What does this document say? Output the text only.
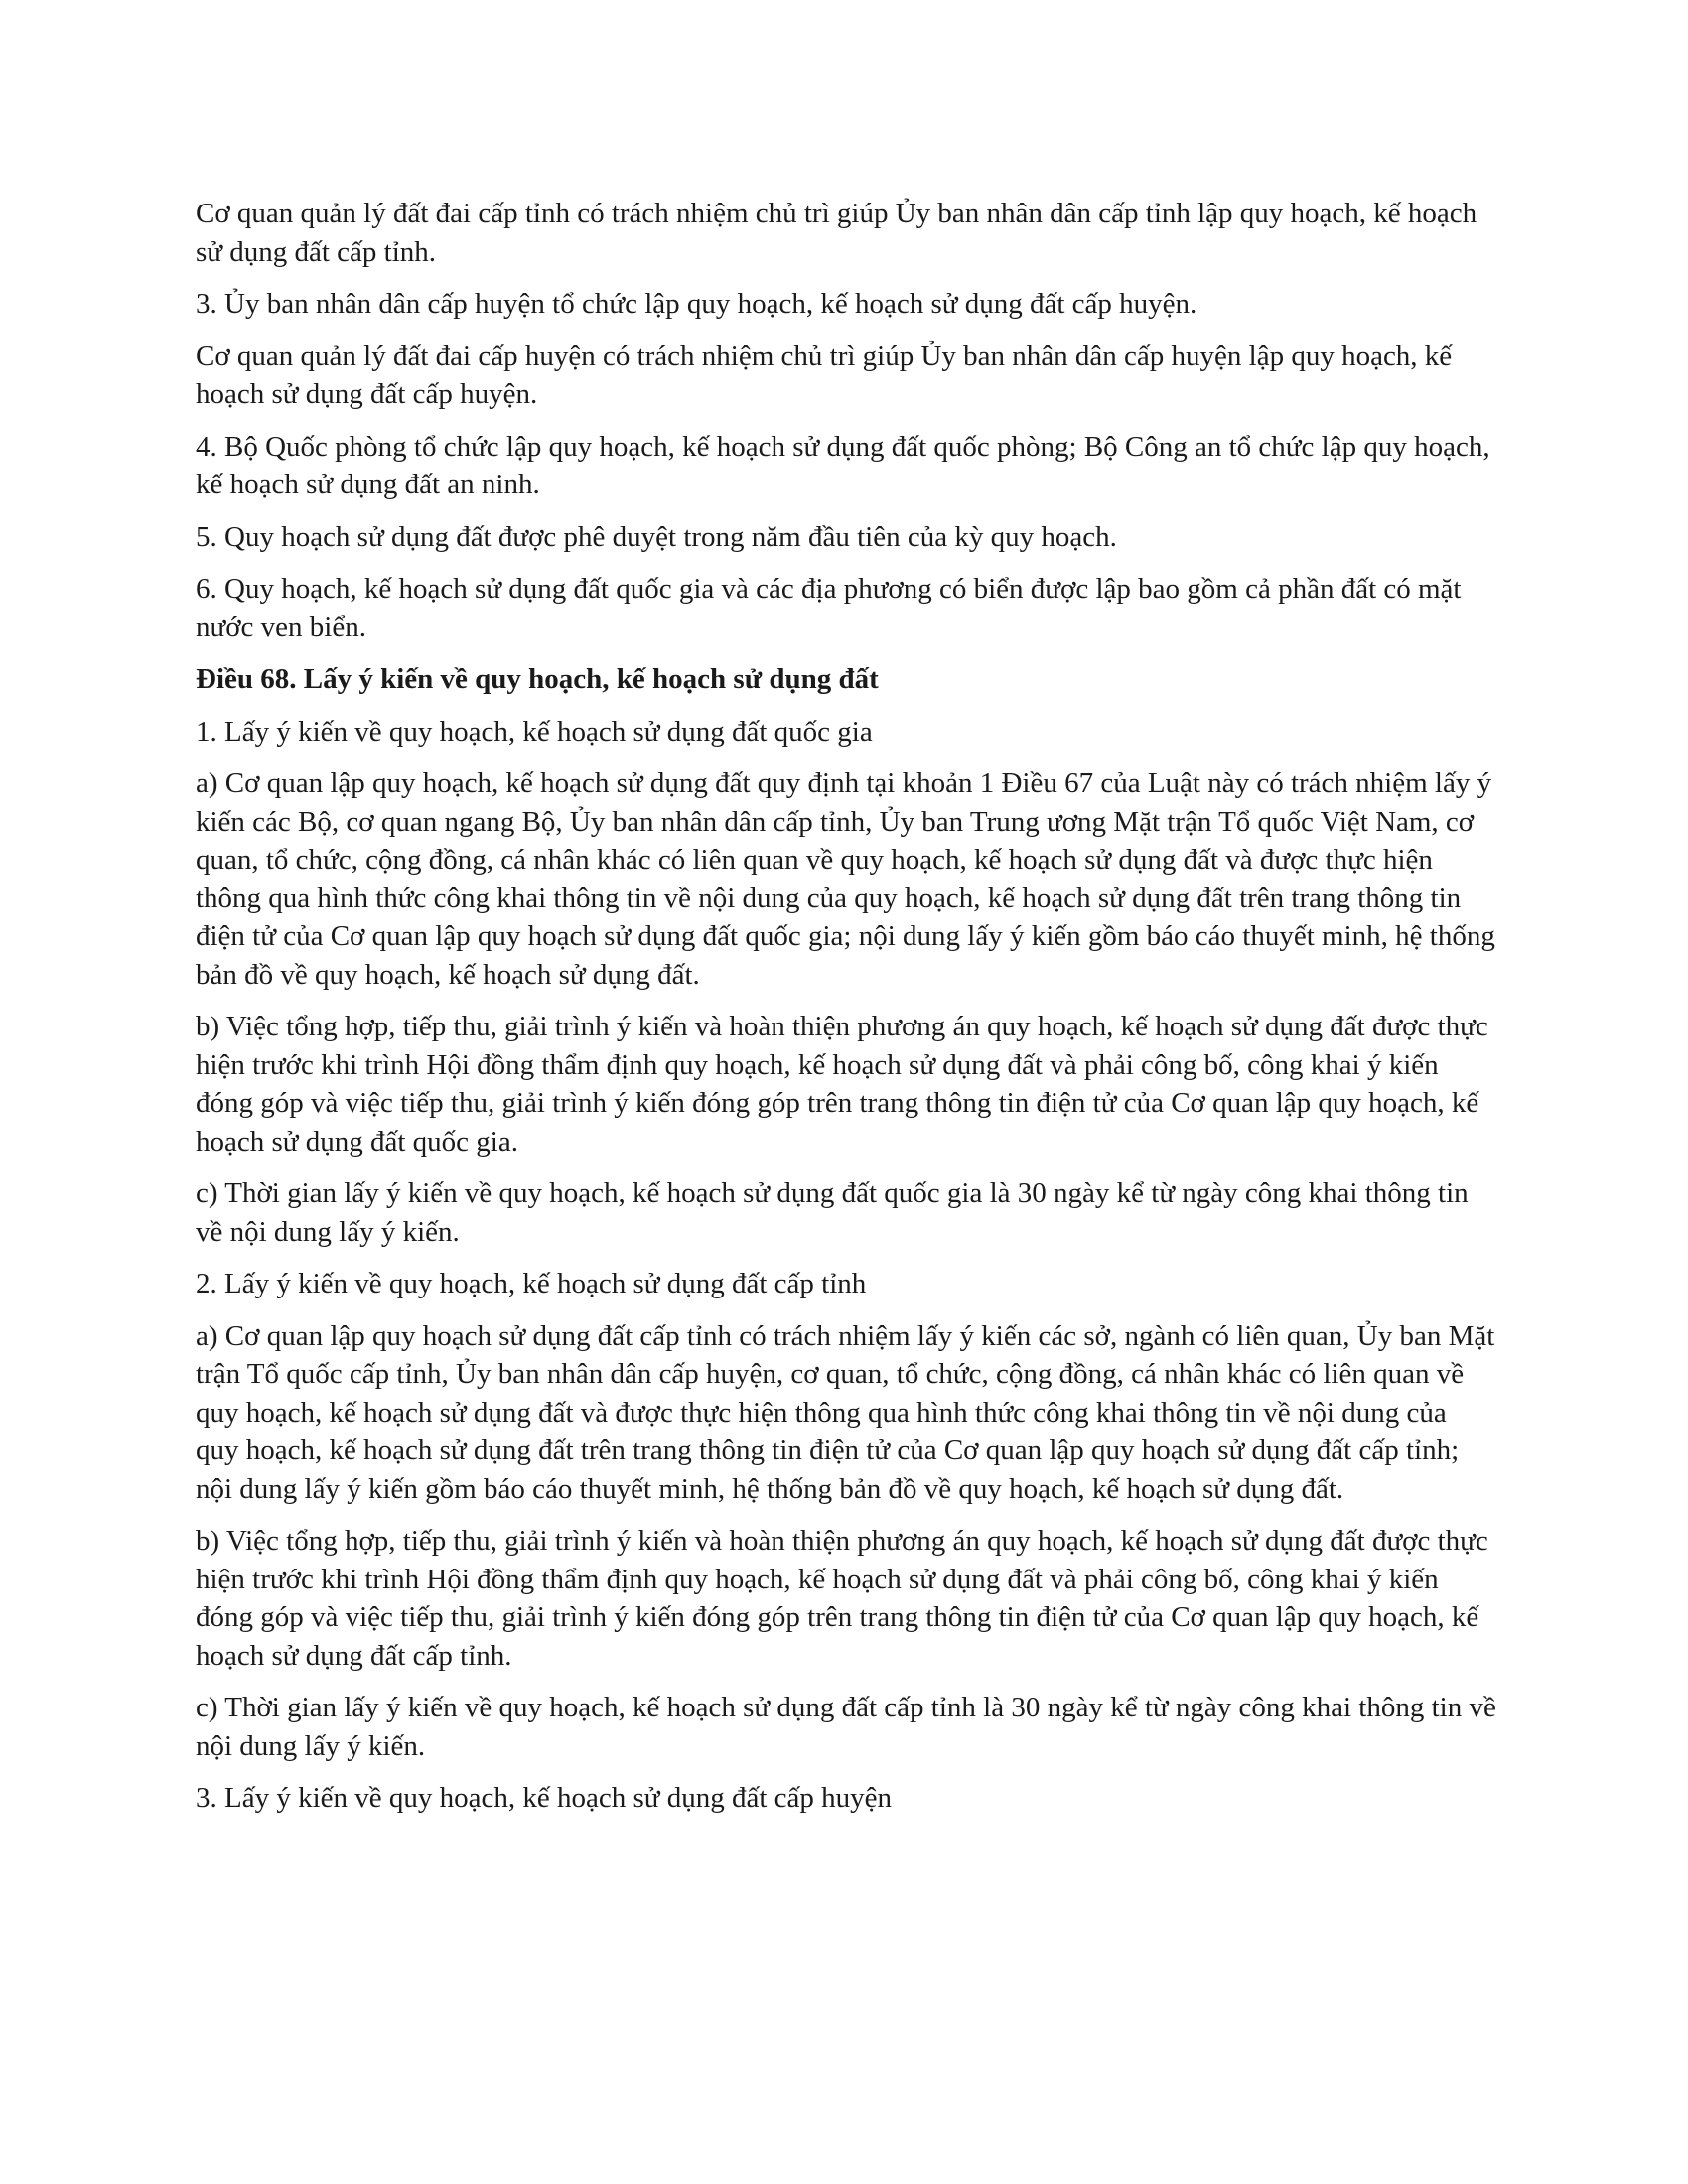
Cơ quan quản lý đất đai cấp tỉnh có trách nhiệm chủ trì giúp Ủy ban nhân dân cấp tỉnh lập quy hoạch, kế hoạch sử dụng đất cấp tỉnh.

3. Ủy ban nhân dân cấp huyện tổ chức lập quy hoạch, kế hoạch sử dụng đất cấp huyện.

Cơ quan quản lý đất đai cấp huyện có trách nhiệm chủ trì giúp Ủy ban nhân dân cấp huyện lập quy hoạch, kế hoạch sử dụng đất cấp huyện.

4. Bộ Quốc phòng tổ chức lập quy hoạch, kế hoạch sử dụng đất quốc phòng; Bộ Công an tổ chức lập quy hoạch, kế hoạch sử dụng đất an ninh.

5. Quy hoạch sử dụng đất được phê duyệt trong năm đầu tiên của kỳ quy hoạch.

6. Quy hoạch, kế hoạch sử dụng đất quốc gia và các địa phương có biển được lập bao gồm cả phần đất có mặt nước ven biển.

Điều 68. Lấy ý kiến về quy hoạch, kế hoạch sử dụng đất

1. Lấy ý kiến về quy hoạch, kế hoạch sử dụng đất quốc gia

a) Cơ quan lập quy hoạch, kế hoạch sử dụng đất quy định tại khoản 1 Điều 67 của Luật này có trách nhiệm lấy ý kiến các Bộ, cơ quan ngang Bộ, Ủy ban nhân dân cấp tỉnh, Ủy ban Trung ương Mặt trận Tổ quốc Việt Nam, cơ quan, tổ chức, cộng đồng, cá nhân khác có liên quan về quy hoạch, kế hoạch sử dụng đất và được thực hiện thông qua hình thức công khai thông tin về nội dung của quy hoạch, kế hoạch sử dụng đất trên trang thông tin điện tử của Cơ quan lập quy hoạch sử dụng đất quốc gia; nội dung lấy ý kiến gồm báo cáo thuyết minh, hệ thống bản đồ về quy hoạch, kế hoạch sử dụng đất.

b) Việc tổng hợp, tiếp thu, giải trình ý kiến và hoàn thiện phương án quy hoạch, kế hoạch sử dụng đất được thực hiện trước khi trình Hội đồng thẩm định quy hoạch, kế hoạch sử dụng đất và phải công bố, công khai ý kiến đóng góp và việc tiếp thu, giải trình ý kiến đóng góp trên trang thông tin điện tử của Cơ quan lập quy hoạch, kế hoạch sử dụng đất quốc gia.

c) Thời gian lấy ý kiến về quy hoạch, kế hoạch sử dụng đất quốc gia là 30 ngày kể từ ngày công khai thông tin về nội dung lấy ý kiến.

2. Lấy ý kiến về quy hoạch, kế hoạch sử dụng đất cấp tỉnh

a) Cơ quan lập quy hoạch sử dụng đất cấp tỉnh có trách nhiệm lấy ý kiến các sở, ngành có liên quan, Ủy ban Mặt trận Tổ quốc cấp tỉnh, Ủy ban nhân dân cấp huyện, cơ quan, tổ chức, cộng đồng, cá nhân khác có liên quan về quy hoạch, kế hoạch sử dụng đất và được thực hiện thông qua hình thức công khai thông tin về nội dung của quy hoạch, kế hoạch sử dụng đất trên trang thông tin điện tử của Cơ quan lập quy hoạch sử dụng đất cấp tỉnh; nội dung lấy ý kiến gồm báo cáo thuyết minh, hệ thống bản đồ về quy hoạch, kế hoạch sử dụng đất.

b) Việc tổng hợp, tiếp thu, giải trình ý kiến và hoàn thiện phương án quy hoạch, kế hoạch sử dụng đất được thực hiện trước khi trình Hội đồng thẩm định quy hoạch, kế hoạch sử dụng đất và phải công bố, công khai ý kiến đóng góp và việc tiếp thu, giải trình ý kiến đóng góp trên trang thông tin điện tử của Cơ quan lập quy hoạch, kế hoạch sử dụng đất cấp tỉnh.

c) Thời gian lấy ý kiến về quy hoạch, kế hoạch sử dụng đất cấp tỉnh là 30 ngày kể từ ngày công khai thông tin về nội dung lấy ý kiến.

3. Lấy ý kiến về quy hoạch, kế hoạch sử dụng đất cấp huyện
